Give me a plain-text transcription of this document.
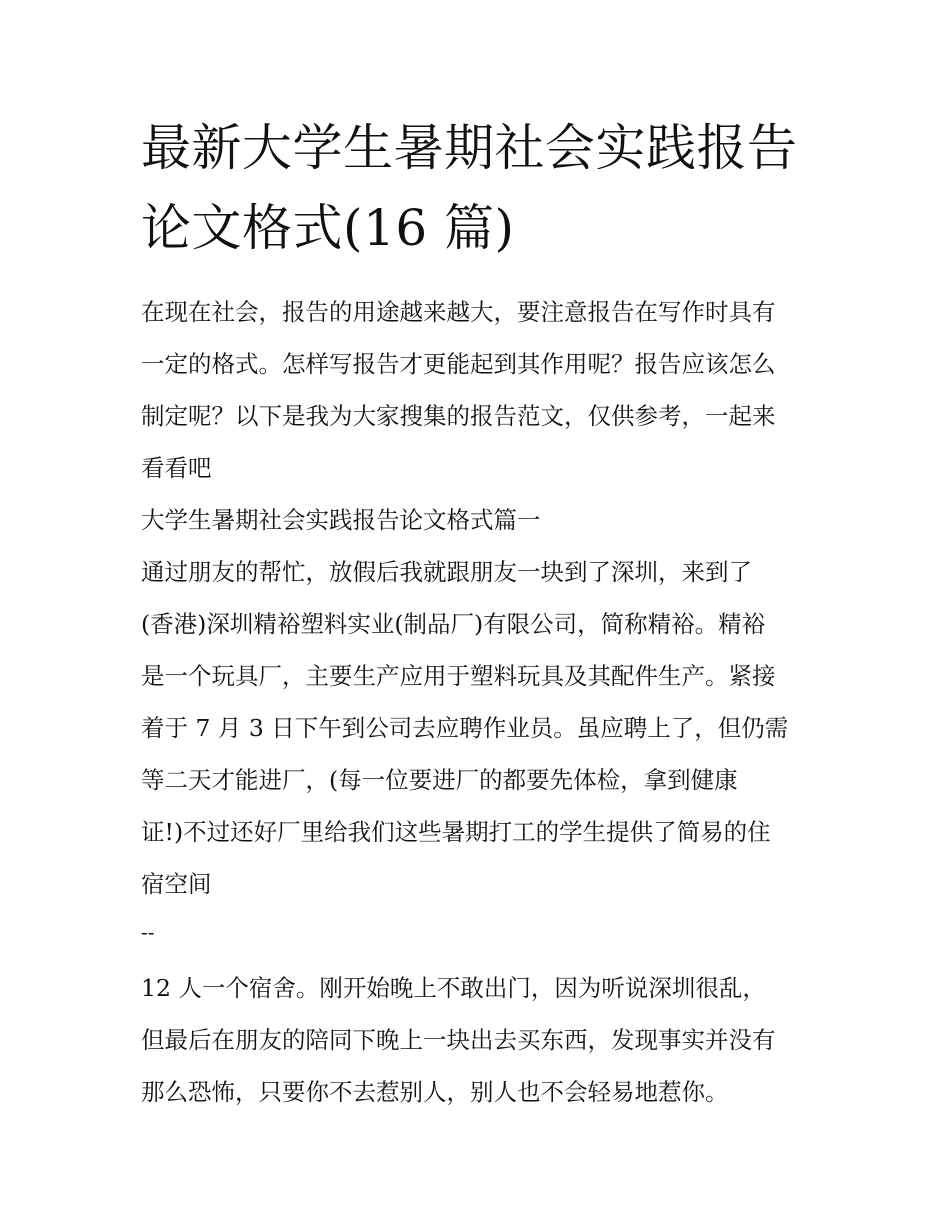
最新大学生暑期社会实践报告
论文格式(16 篇)

在现在社会，报告的用途越来越大，要注意报告在写作时具有
一定的格式。怎样写报告才更能起到其作用呢？报告应该怎么
制定呢？以下是我为大家搜集的报告范文，仅供参考，一起来
看看吧

大学生暑期社会实践报告论文格式篇一

通过朋友的帮忙，放假后我就跟朋友一块到了深圳，来到了
(香港)深圳精裕塑料实业(制品厂)有限公司，简称精裕。精裕
是一个玩具厂，主要生产应用于塑料玩具及其配件生产。紧接
着于 7 月 3 日下午到公司去应聘作业员。虽应聘上了，但仍需
等二天才能进厂，(每一位要进厂的都要先体检，拿到健康
证!)不过还好厂里给我们这些暑期打工的学生提供了简易的住
宿空间

--

12 人一个宿舍。刚开始晚上不敢出门，因为听说深圳很乱，
但最后在朋友的陪同下晚上一块出去买东西，发现事实并没有
那么恐怖，只要你不去惹别人，别人也不会轻易地惹你。
